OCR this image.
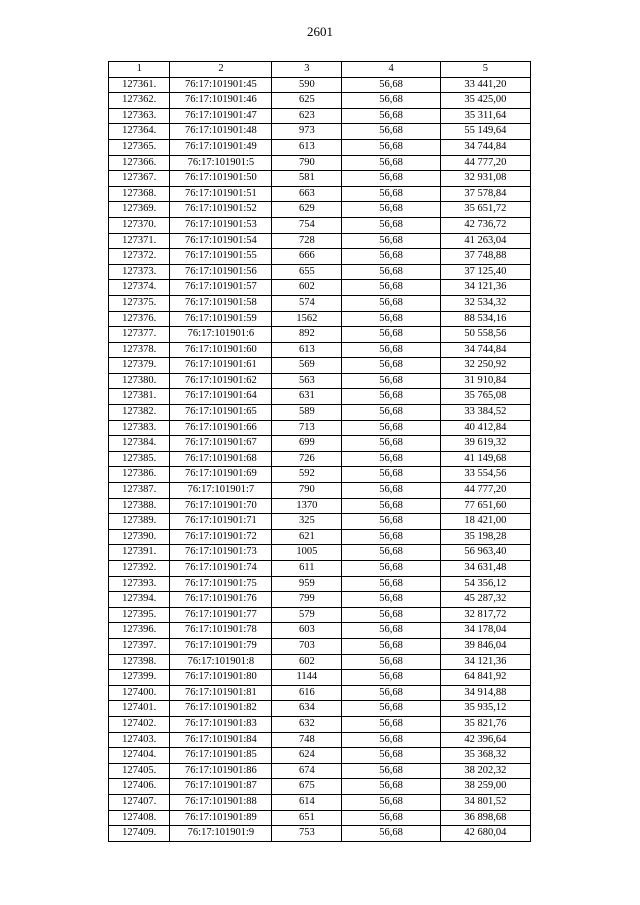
2601
1	2	3	4	5
127361.	76:17:101901:45	590	56,68	33 441,20
127362.	76:17:101901:46	625	56,68	35 425,00
127363.	76:17:101901:47	623	56,68	35 311,64
127364.	76:17:101901:48	973	56,68	55 149,64
127365.	76:17:101901:49	613	56,68	34 744,84
127366.	76:17:101901:5	790	56,68	44 777,20
127367.	76:17:101901:50	581	56,68	32 931,08
127368.	76:17:101901:51	663	56,68	37 578,84
127369.	76:17:101901:52	629	56,68	35 651,72
127370.	76:17:101901:53	754	56,68	42 736,72
127371.	76:17:101901:54	728	56,68	41 263,04
127372.	76:17:101901:55	666	56,68	37 748,88
127373.	76:17:101901:56	655	56,68	37 125,40
127374.	76:17:101901:57	602	56,68	34 121,36
127375.	76:17:101901:58	574	56,68	32 534,32
127376.	76:17:101901:59	1562	56,68	88 534,16
127377.	76:17:101901:6	892	56,68	50 558,56
127378.	76:17:101901:60	613	56,68	34 744,84
127379.	76:17:101901:61	569	56,68	32 250,92
127380.	76:17:101901:62	563	56,68	31 910,84
127381.	76:17:101901:64	631	56,68	35 765,08
127382.	76:17:101901:65	589	56,68	33 384,52
127383.	76:17:101901:66	713	56,68	40 412,84
127384.	76:17:101901:67	699	56,68	39 619,32
127385.	76:17:101901:68	726	56,68	41 149,68
127386.	76:17:101901:69	592	56,68	33 554,56
127387.	76:17:101901:7	790	56,68	44 777,20
127388.	76:17:101901:70	1370	56,68	77 651,60
127389.	76:17:101901:71	325	56,68	18 421,00
127390.	76:17:101901:72	621	56,68	35 198,28
127391.	76:17:101901:73	1005	56,68	56 963,40
127392.	76:17:101901:74	611	56,68	34 631,48
127393.	76:17:101901:75	959	56,68	54 356,12
127394.	76:17:101901:76	799	56,68	45 287,32
127395.	76:17:101901:77	579	56,68	32 817,72
127396.	76:17:101901:78	603	56,68	34 178,04
127397.	76:17:101901:79	703	56,68	39 846,04
127398.	76:17:101901:8	602	56,68	34 121,36
127399.	76:17:101901:80	1144	56,68	64 841,92
127400.	76:17:101901:81	616	56,68	34 914,88
127401.	76:17:101901:82	634	56,68	35 935,12
127402.	76:17:101901:83	632	56,68	35 821,76
127403.	76:17:101901:84	748	56,68	42 396,64
127404.	76:17:101901:85	624	56,68	35 368,32
127405.	76:17:101901:86	674	56,68	38 202,32
127406.	76:17:101901:87	675	56,68	38 259,00
127407.	76:17:101901:88	614	56,68	34 801,52
127408.	76:17:101901:89	651	56,68	36 898,68
127409.	76:17:101901:9	753	56,68	42 680,04
